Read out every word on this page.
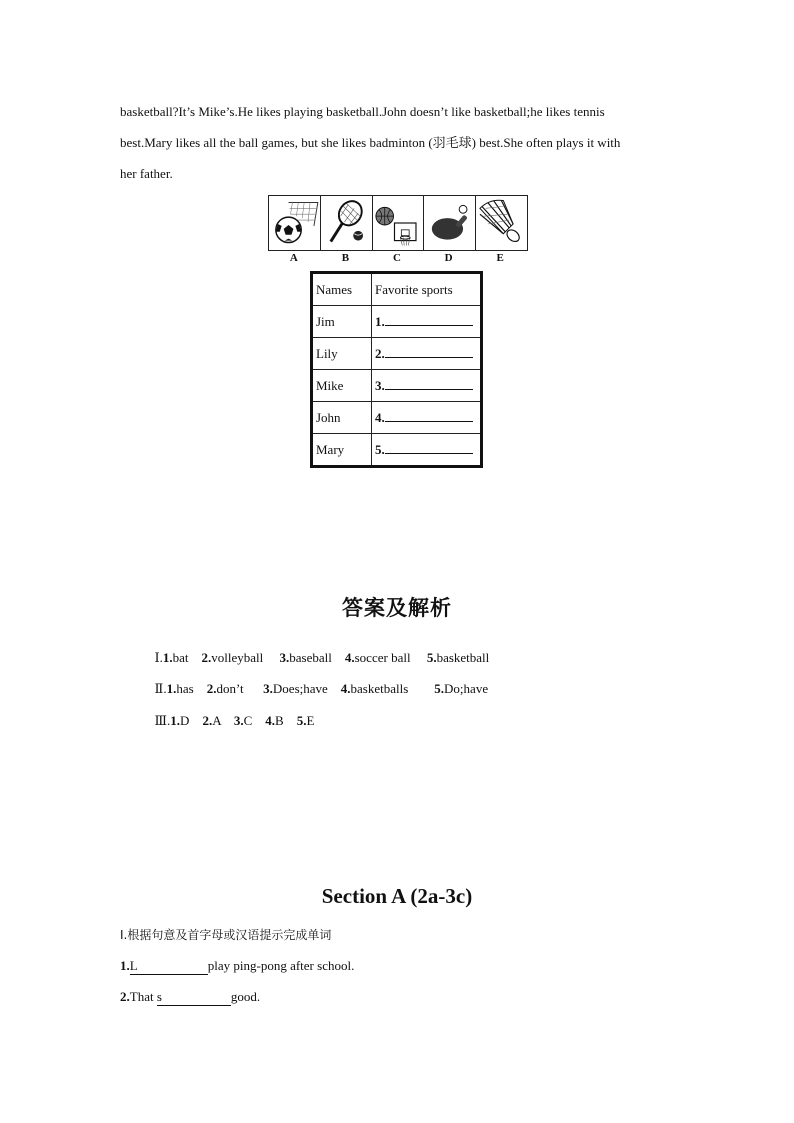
basketball?It’s Mike’s.He likes playing basketball.John doesn’t like basketball;he likes tennis

best.Mary likes all the ball games, but she likes badminton (羽毛球) best.She often plays it with

her father.

A	B	C	D	E
Names	Favorite sports
Jim	1.
Lily	2.
Mike	3.
John	4.
Mary	5.
答案及解析

Ⅰ.1.bat 2.volleyball 3.baseball 4.soccer ball 5.basketball

Ⅱ.1.has 2.don’t 3.Does;have 4.basketballs 5.Do;have

Ⅲ.1.D 2.A 3.C 4.B 5.E

Section A (2a-3c)
Ⅰ.根据句意及首字母或汉语提示完成单词
1.L	play ping-pong after school.
2.That s	good.
